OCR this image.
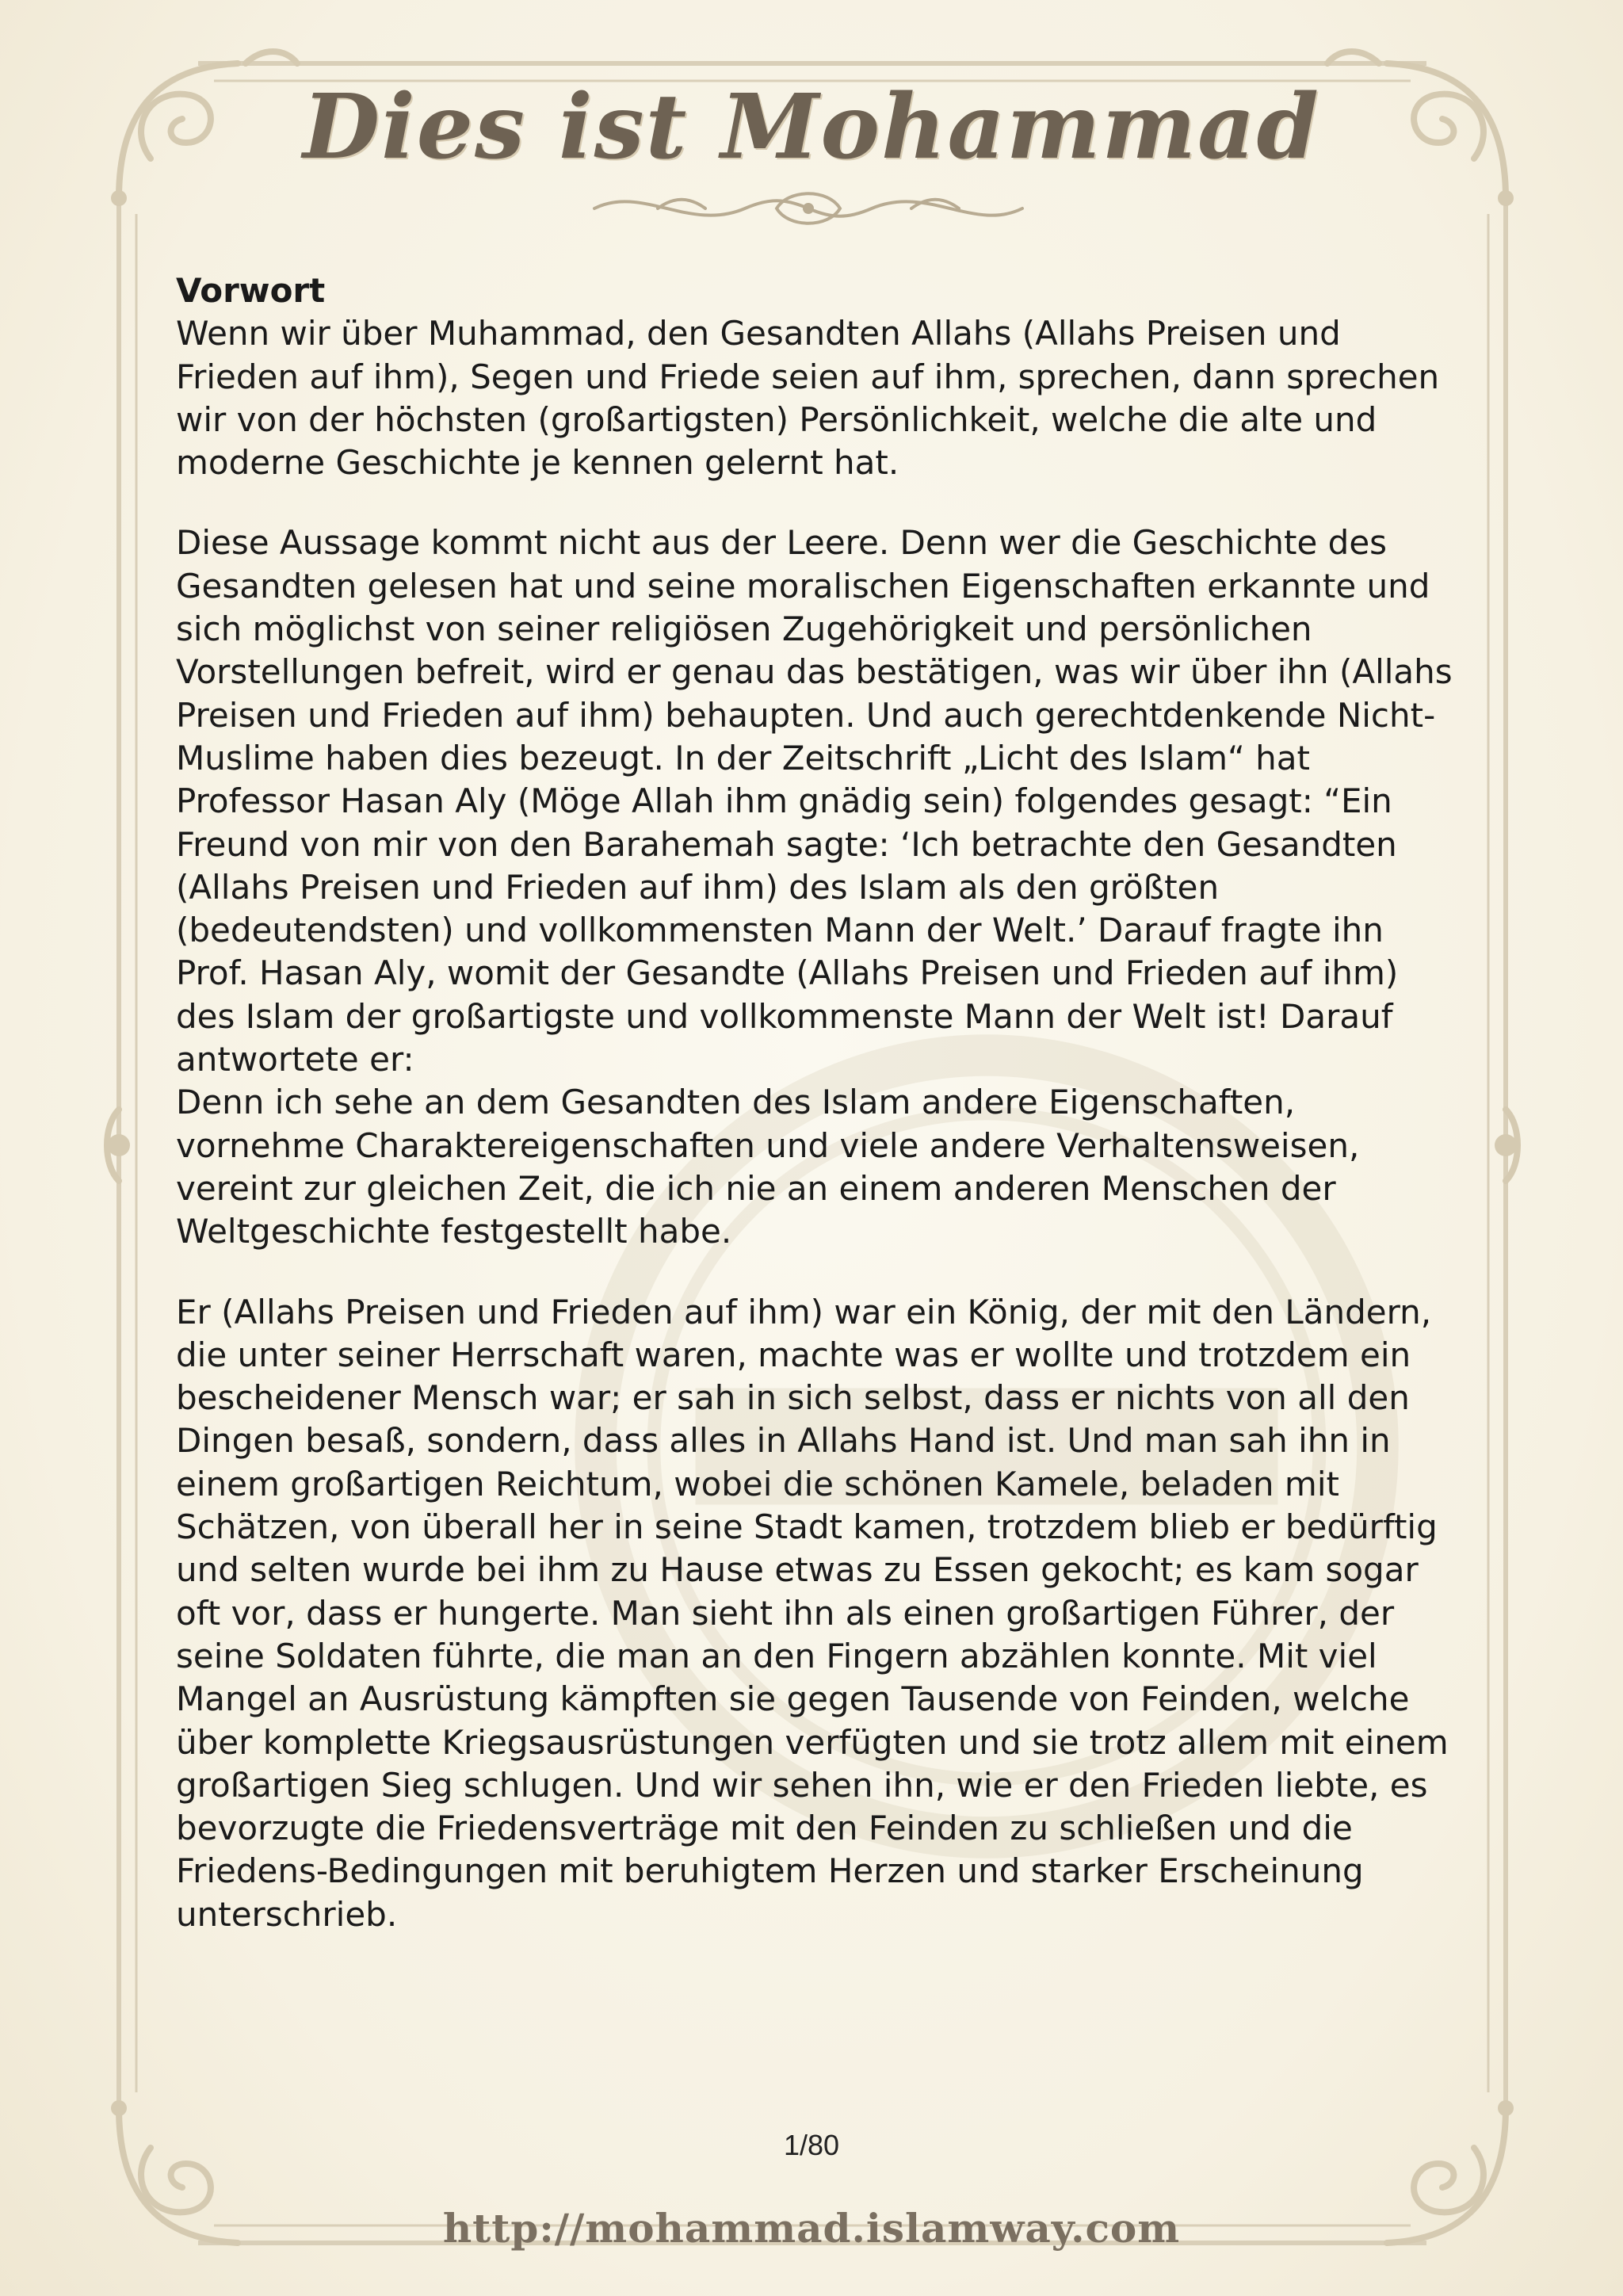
Dies ist Mohammad

Vorwort

Wenn wir über Muhammad, den Gesandten Allahs (Allahs Preisen und Frieden auf ihm), Segen und Friede seien auf ihm, sprechen, dann sprechen wir von der höchsten (großartigsten) Persönlichkeit, welche die alte und moderne Geschichte je kennen gelernt hat.

Diese Aussage kommt nicht aus der Leere. Denn wer die Geschichte des Gesandten gelesen hat und seine moralischen Eigenschaften erkannte und sich möglichst von seiner religiösen Zugehörigkeit und persönlichen Vorstellungen befreit, wird er genau das bestätigen, was wir über ihn (Allahs Preisen und Frieden auf ihm) behaupten. Und auch gerechtdenkende Nicht-Muslime haben dies bezeugt. In der Zeitschrift „Licht des Islam“ hat Professor Hasan Aly (Möge Allah ihm gnädig sein) folgendes gesagt: “Ein Freund von mir von den Barahemah sagte: ‘Ich betrachte den Gesandten (Allahs Preisen und Frieden auf ihm) des Islam als den größten (bedeutendsten) und vollkommensten Mann der Welt.’ Darauf fragte ihn Prof. Hasan Aly, womit der Gesandte (Allahs Preisen und Frieden auf ihm) des Islam der großartigste und vollkommenste Mann der Welt ist! Darauf antwortete er:

Denn ich sehe an dem Gesandten des Islam andere Eigenschaften, vornehme Charaktereigenschaften und viele andere Verhaltensweisen, vereint zur gleichen Zeit, die ich nie an einem anderen Menschen der Weltgeschichte festgestellt habe.

Er (Allahs Preisen und Frieden auf ihm) war ein König, der mit den Ländern, die unter seiner Herrschaft waren, machte was er wollte und trotzdem ein bescheidener Mensch war; er sah in sich selbst, dass er nichts von all den Dingen besaß, sondern, dass alles in Allahs Hand ist. Und man sah ihn in einem großartigen Reichtum, wobei die schönen Kamele, beladen mit Schätzen, von überall her in seine Stadt kamen, trotzdem blieb er bedürftig und selten wurde bei ihm zu Hause etwas zu Essen gekocht; es kam sogar oft vor, dass er hungerte. Man sieht ihn als einen großartigen Führer, der seine Soldaten führte, die man an den Fingern abzählen konnte. Mit viel Mangel an Ausrüstung kämpften sie gegen Tausende von Feinden, welche über komplette Kriegsausrüstungen verfügten und sie trotz allem mit einem großartigen Sieg schlugen. Und wir sehen ihn, wie er den Frieden liebte, es bevorzugte die Friedensverträge mit den Feinden zu schließen und die Friedens-Bedingungen mit beruhigtem Herzen und starker Erscheinung unterschrieb.

1/80
http://mohammad.islamway.com
